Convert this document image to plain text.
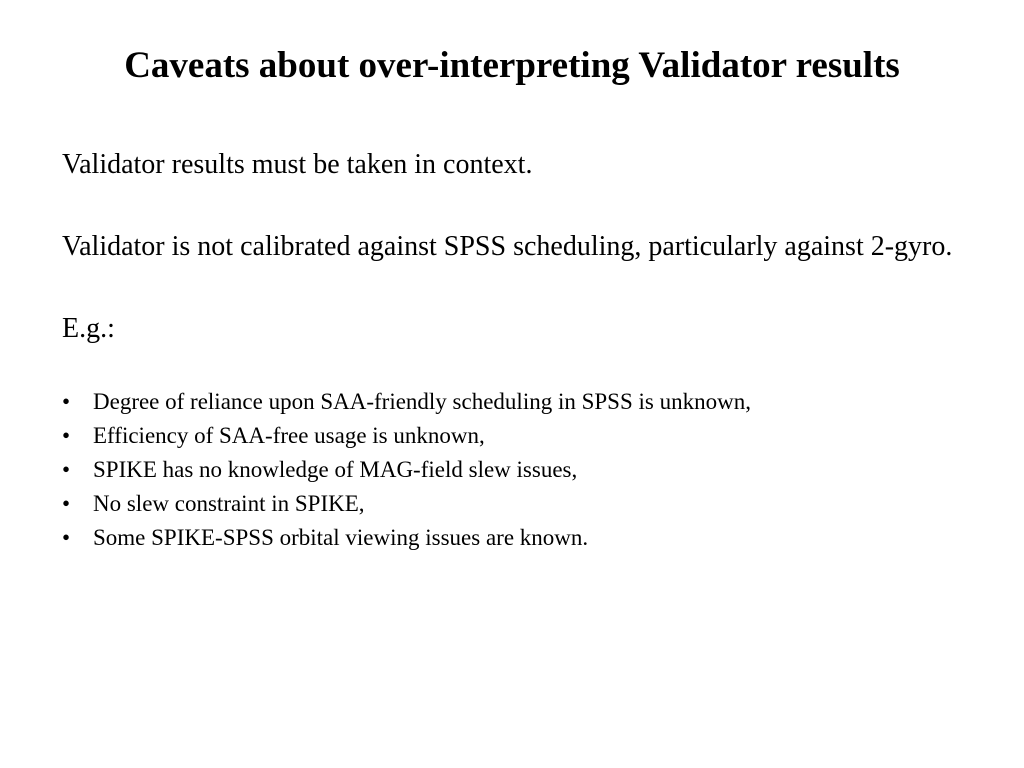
Caveats about over-interpreting Validator results

Validator results must be taken in context.

Validator is not calibrated against SPSS scheduling, particularly against 2-gyro.

E.g.:

• Degree of reliance upon SAA-friendly scheduling in SPSS is unknown,
• Efficiency of SAA-free usage is unknown,
• SPIKE has no knowledge of MAG-field slew issues,
• No slew constraint in SPIKE,
• Some SPIKE-SPSS orbital viewing issues are known.
